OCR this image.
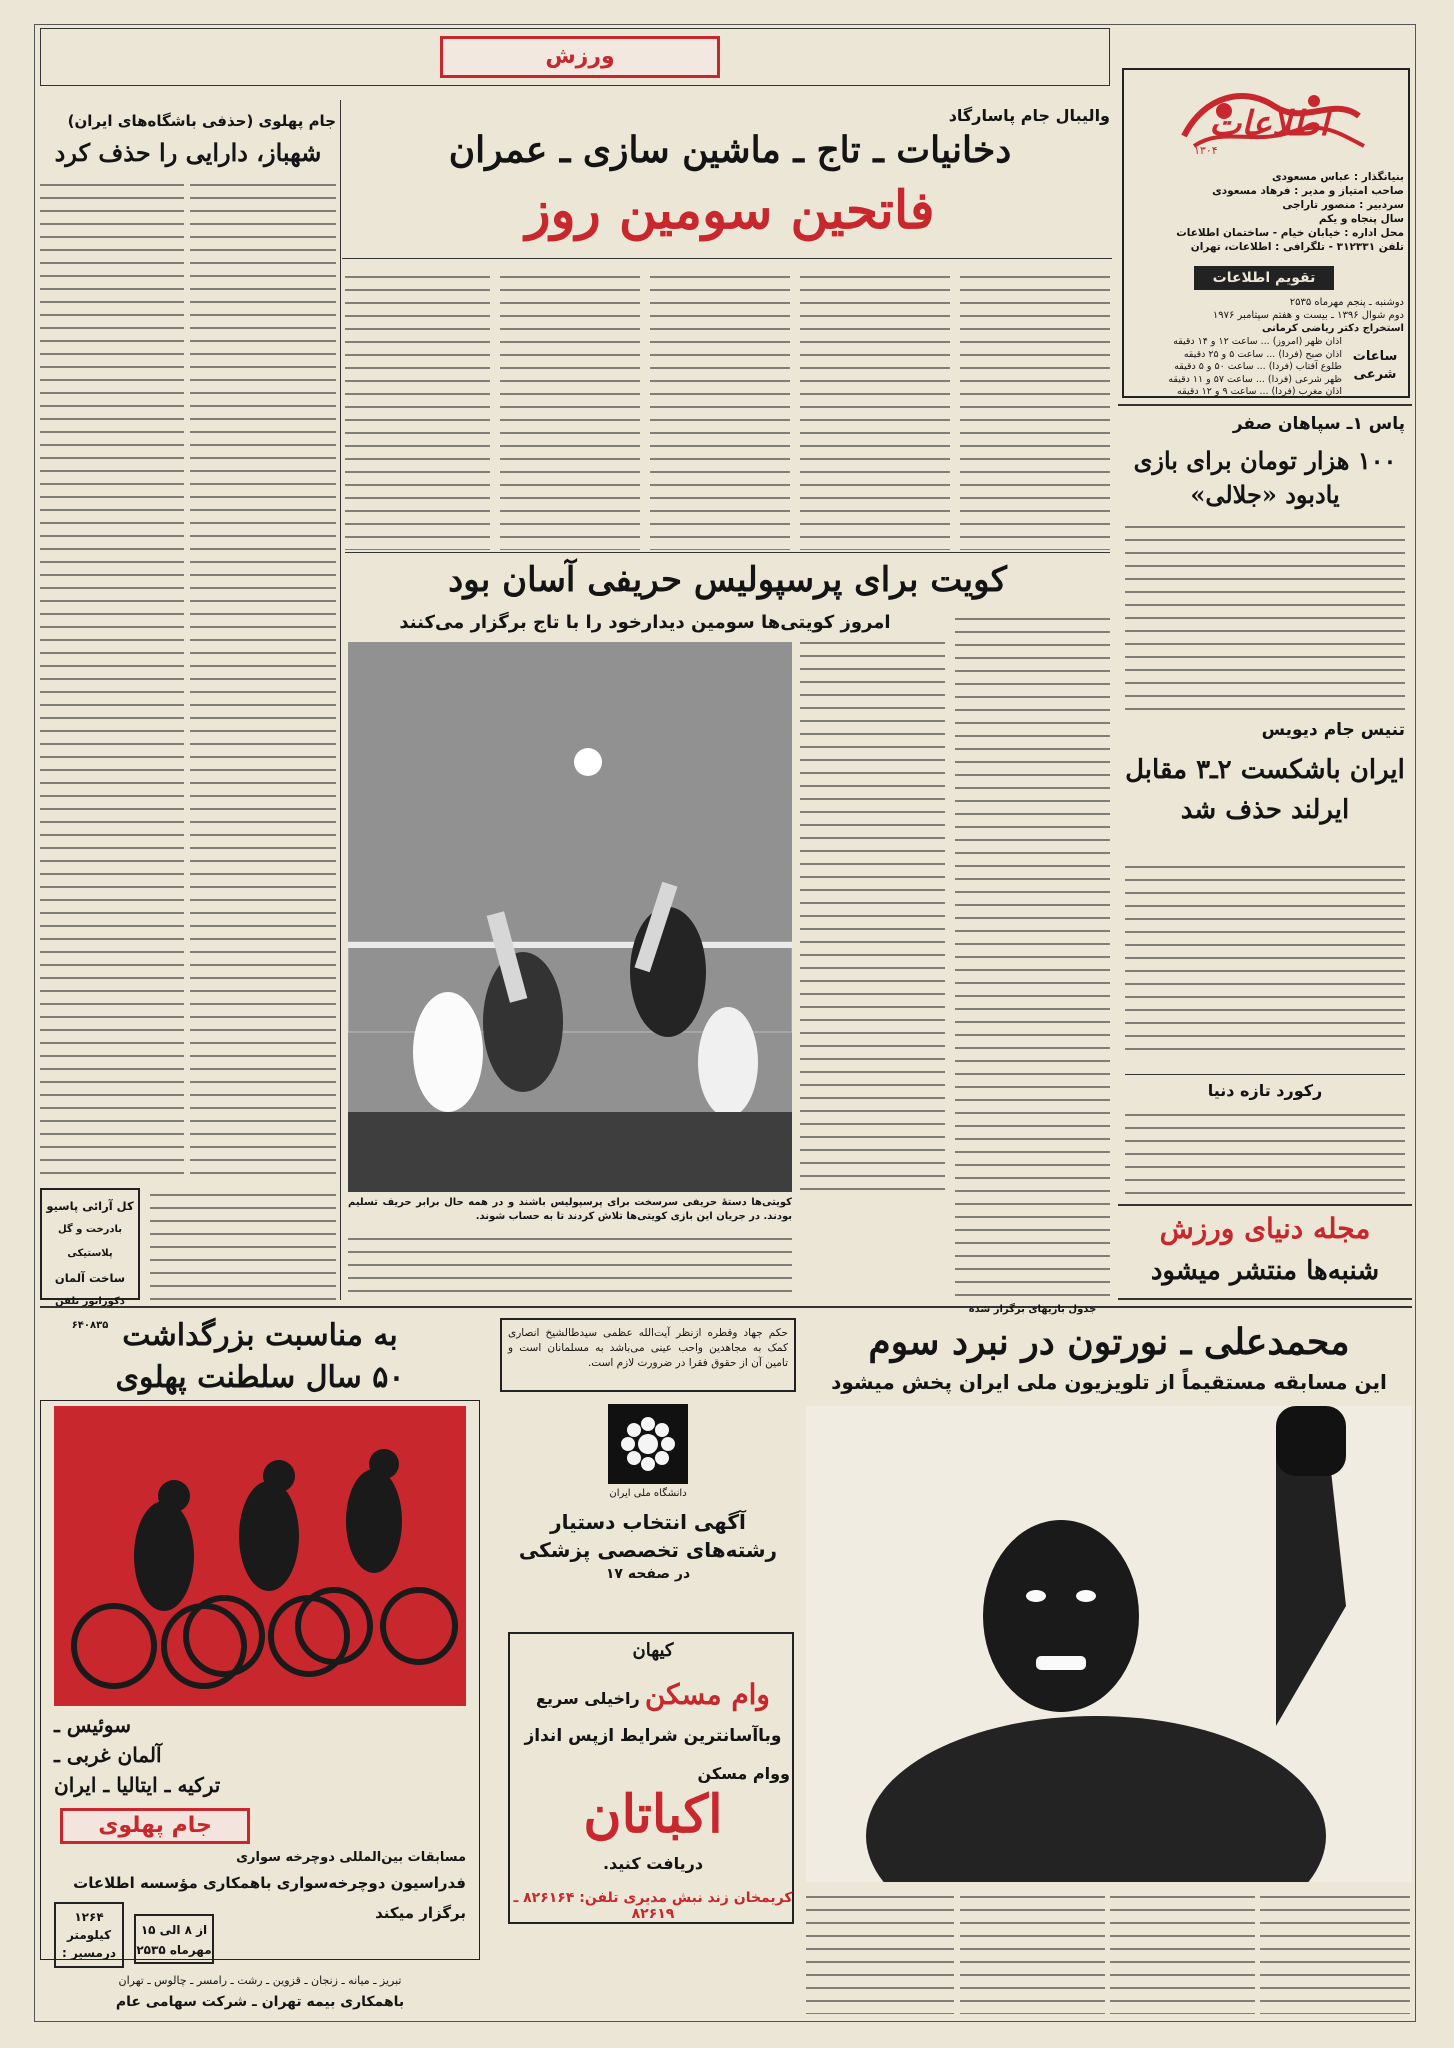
ورزش
اطلاعات
۱۳۰۴
بنیانگذار : عباس مسعودی
صاحب امتیاز و مدیر : فرهاد مسعودی
سردبیر : منصور تاراجی
سال پنجاه و یکم
محل اداره : خیابان خیام - ساختمان اطلاعات
تلفن ۳۱۲۳۳۱ - تلگرافی : اطلاعات، تهران
تقویم اطلاعات
دوشنبه ـ پنجم مهرماه ۲۵۳۵
دوم شوال ۱۳۹۶ ـ بیست و هفتم سپتامبر ۱۹۷۶
استخراج دکتر ریاضی کرمانی
ساعات شرعی
اذان ظهر (امروز) ... ساعت ۱۲ و ۱۴ دقیقه
اذان صبح (فردا) ... ساعت ۵ و ۲۵ دقیقه
طلوع آفتاب (فردا) ... ساعت ۵۰ و ۵ دقیقه
ظهر شرعی (فردا) ... ساعت ۵۷ و ۱۱ دقیقه
اذان مغرب (فردا) ... ساعت ۹ و ۱۲ دقیقه
والیبال جام پاسارگاد
دخانیات ـ تاج ـ ماشین سازی ـ عمران
فاتحین سومین روز
پاس ۱ـ سپاهان صفر
۱۰۰ هزار تومان برای بازی یادبود «جلالی»
تنیس جام دیویس
ایران باشکست ۲ـ۳ مقابل ایرلند حذف شد
رکورد تازه دنیا
مجله دنیای ورزش
شنبه‌ها منتشر میشود
کویت برای پرسپولیس حریفی آسان بود
امروز کویتی‌ها سومین دیدارخود را با تاج برگزار می‌کنند
کویتی‌ها دستهٔ حریفی سرسخت برای پرسپولیس باشند و در همه حال برابر حریف تسلیم بودند. در جریان این بازی کویتی‌ها تلاش کردند تا به حساب شوند.
جام پهلوی (حذفی باشگاه‌های ایران)
شهباز، دارایی را حذف کرد
کل آرائی پاسیو
بادرخت و گل پلاستیکی
ساخت آلمان
دکوراتور تلفن ۶۴۰۸۳۵ به مناسبت بزرگداشت
۵۰ سال سلطنت پهلوی
سوئیس ـ
آلمان غربی ـ
ترکیه ـ ایتالیا ـ ایران
جام پهلوی
مسابقات بین‌المللی دوچرخه سواری
فدراسیون دوچرخه‌سواری باهمکاری مؤسسه اطلاعات
برگزار میکند
۱۲۶۴
کیلومتر
درمسیر :
از ۸ الی ۱۵
مهرماه ۲۵۳۵
تبریز ـ میانه ـ زنجان ـ قزوین ـ رشت ـ رامسر ـ چالوس ـ تهران
باهمکاری بیمه تهران ـ شرکت سهامی عام
حکم جهاد وقطره ازنظر آیت‌الله عظمی سیدطالشیخ انصاری کمک به مجاهدین واحب عینی می‌باشد به مسلمانان است و تامین آن از حقوق فقرا در ضرورت لازم است.
دانشگاه ملی ایران
آگهی انتخاب دستیار
رشته‌های تخصصی پزشکی
در صفحه ۱۷
کیهان
وام مسکن راخیلی سریع
وباآسانترین شرایط ازپس انداز
ووام مسکن
اکباتان
دریافت کنید.
کریمخان زند نبش مدیری تلفن: ۸۲۶۱۶۴ ـ ۸۲۶۱۹
محمدعلی ـ نورتون در نبرد سوم
این مسابقه مستقیماً از تلویزیون ملی ایران پخش میشود
جدول بازیهای برگزار شده
